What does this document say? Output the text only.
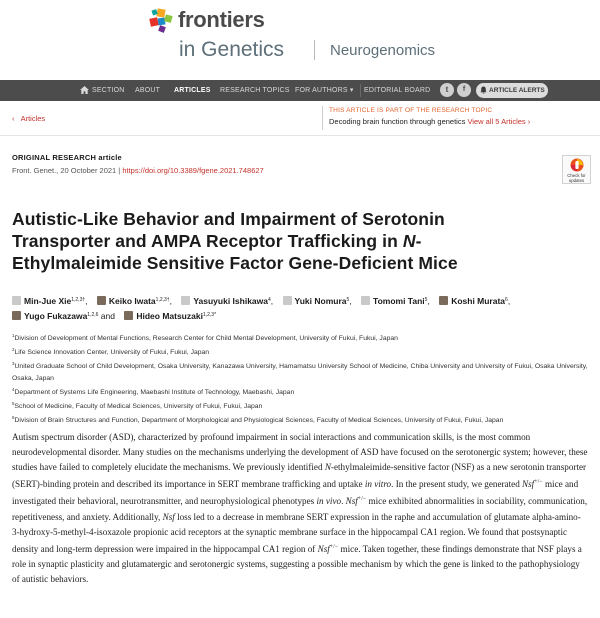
frontiers
in Genetics	Neurogenomics
SECTION ABOUT ARTICLES RESEARCH TOPICS FOR AUTHORS ▾ EDITORIAL BOARD	t	f	ARTICLE ALERTS
‹ Articles
THIS ARTICLE IS PART OF THE RESEARCH TOPIC
Decoding brain function through genetics View all 5 Articles ›
ORIGINAL RESEARCH article
Front. Genet., 20 October 2021 | https://doi.org/10.3389/fgene.2021.748627
Check for updates
Autistic-Like Behavior and Impairment of Serotonin
Transporter and AMPA Receptor Trafficking in N-
Ethylmaleimide Sensitive Factor Gene-Deficient Mice
Min-Jue Xie$^{1,2,3\dagger}$,	Keiko Iwata$^{1,2,3\dagger}$,	Yasuyuki Ishikawa$^4$,	Yuki Nomura$^5$,	Tomomi Tani$^5$,	Koshi Murata$^6$, Yugo Fukazawa$^{1,2,6}$ and	Hideo Matsuzaki$^{1,2,3*}$
$^1$Division of Development of Mental Functions, Research Center for Child Mental Development, University of Fukui, Fukui, Japan
$^2$Life Science Innovation Center, University of Fukui, Fukui, Japan
$^3$United Graduate School of Child Development, Osaka University, Kanazawa University, Hamamatsu University School of Medicine, Chiba University and University of Fukui, Osaka University, Osaka, Japan
$^4$Department of Systems Life Engineering, Maebashi Institute of Technology, Maebashi, Japan
$^5$School of Medicine, Faculty of Medical Sciences, University of Fukui, Fukui, Japan
$^6$Division of Brain Structures and Function, Department of Morphological and Physiological Sciences, Faculty of Medical Sciences, University of Fukui, Fukui, Japan

Autism spectrum disorder (ASD), characterized by profound impairment in social interactions and communication skills, is the most common neurodevelopmental disorder. Many studies on the mechanisms underlying the development of ASD have focused on the serotonergic system; however, these studies have failed to completely elucidate the mechanisms. We previously identified N-ethylmaleimide-sensitive factor (NSF) as a new serotonin transporter (SERT)-binding protein and described its importance in SERT membrane trafficking and uptake in vitro. In the present study, we generated Nsf+/− mice and investigated their behavioral, neurotransmitter, and neurophysiological phenotypes in vivo. Nsf+/− mice exhibited abnormalities in sociability, communication, repetitiveness, and anxiety. Additionally, Nsf loss led to a decrease in membrane SERT expression in the raphe and accumulation of glutamate alpha-amino-3-hydroxy-5-methyl-4-isoxazole propionic acid receptors at the synaptic membrane surface in the hippocampal CA1 region. We found that postsynaptic density and long-term depression were impaired in the hippocampal CA1 region of Nsf+/− mice. Taken together, these findings demonstrate that NSF plays a role in synaptic plasticity and glutamatergic and serotonergic systems, suggesting a possible mechanism by which the gene is linked to the pathophysiology of autistic behaviors.
